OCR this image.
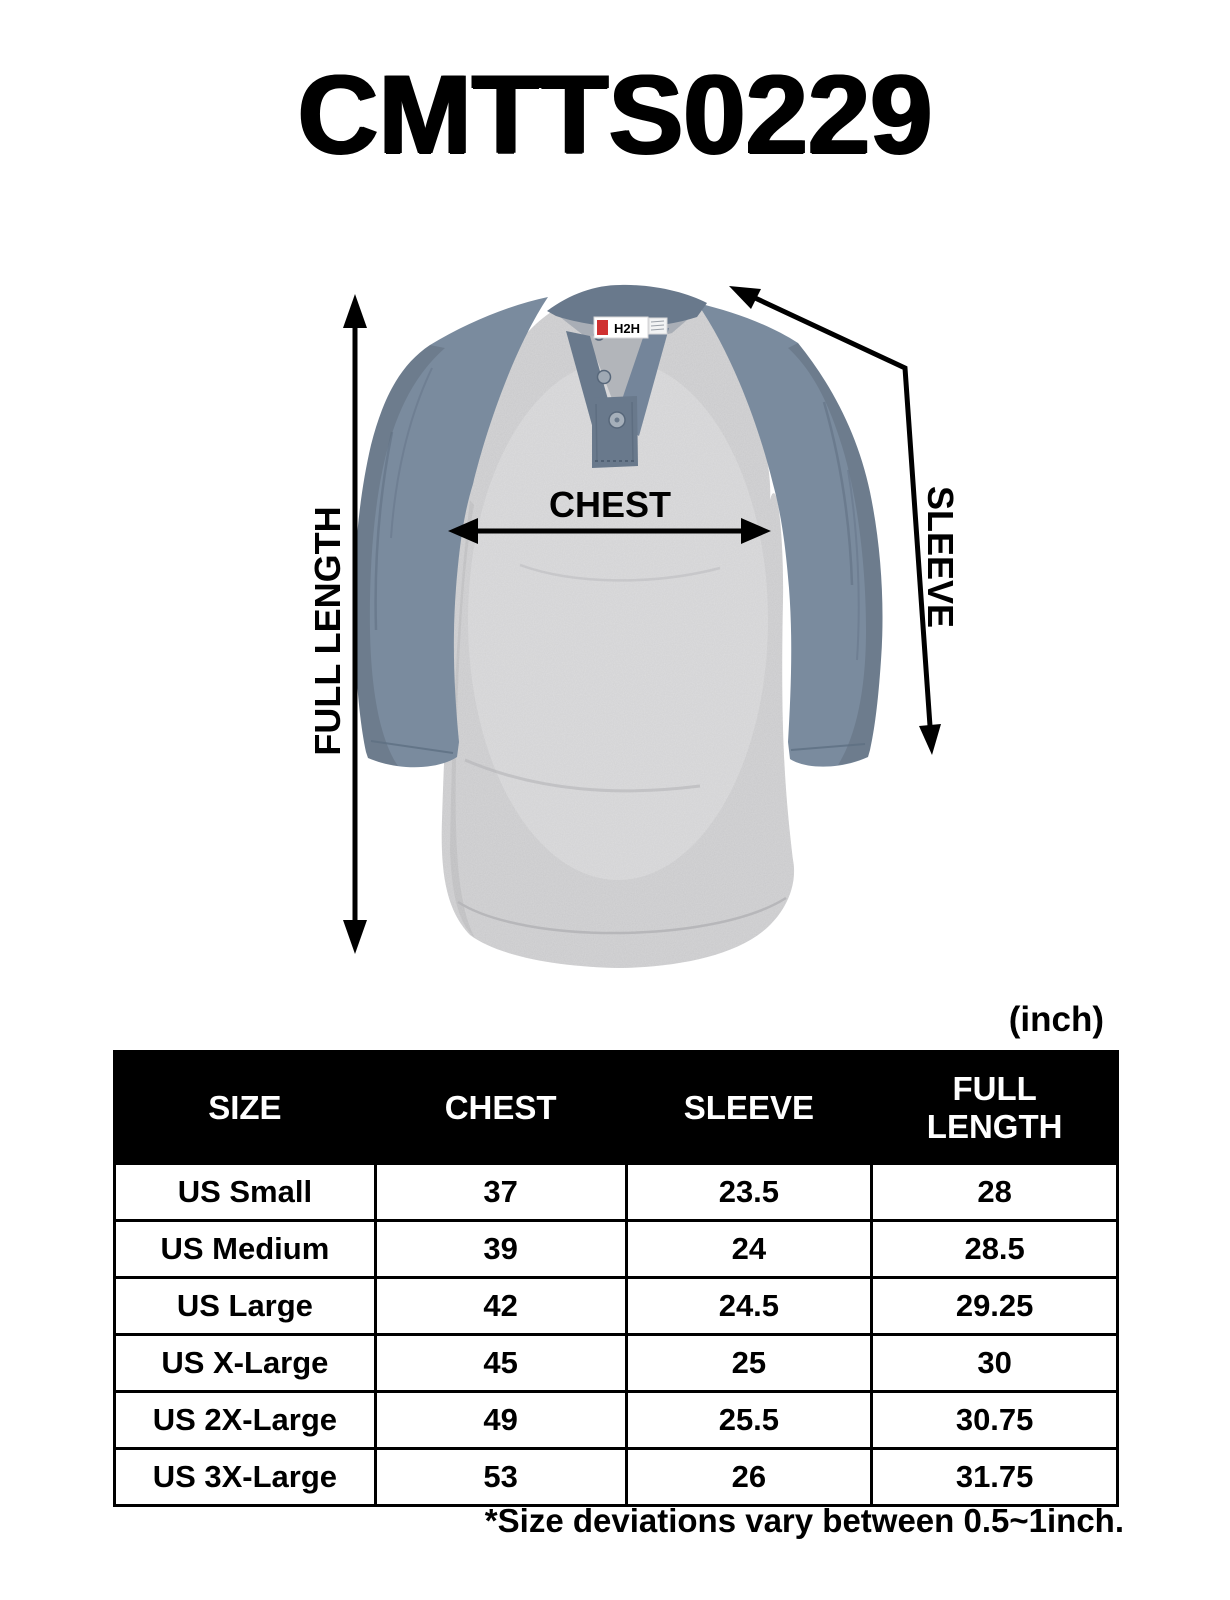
CMTTS0229
H2H
FULL LENGTH
CHEST	SLEEVE
(inch)
SIZE	CHEST	SLEEVE	FULL LENGTH
US Small	37	23.5	28
US Medium	39	24	28.5
US Large	42	24.5	29.25
US X-Large	45	25	30
US 2X-Large	49	25.5	30.75
US 3X-Large	53	26	31.75
*Size deviations vary between 0.5~1inch.
